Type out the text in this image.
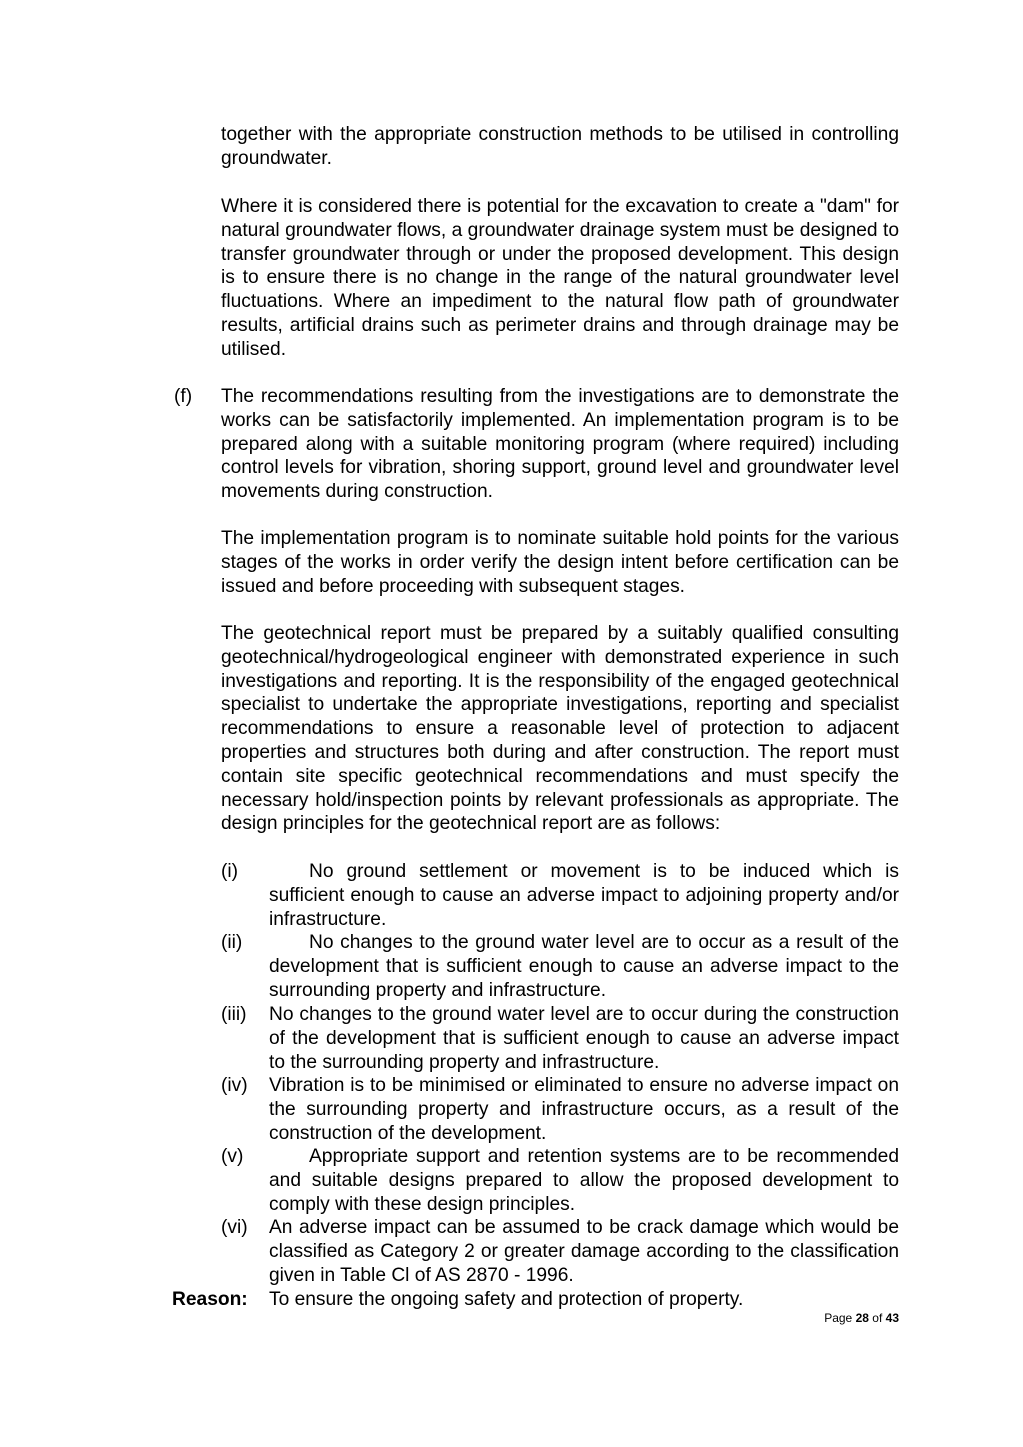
together with the appropriate construction methods to be utilised in controlling groundwater.

Where it is considered there is potential for the excavation to create a "dam" for natural groundwater flows, a groundwater drainage system must be designed to transfer groundwater through or under the proposed development. This design is to ensure there is no change in the range of the natural groundwater level fluctuations. Where an impediment to the natural flow path of groundwater results, artificial drains such as perimeter drains and through drainage may be utilised.

(f) The recommendations resulting from the investigations are to demonstrate the works can be satisfactorily implemented. An implementation program is to be prepared along with a suitable monitoring program (where required) including control levels for vibration, shoring support, ground level and groundwater level movements during construction.

The implementation program is to nominate suitable hold points for the various stages of the works in order verify the design intent before certification can be issued and before proceeding with subsequent stages.

The geotechnical report must be prepared by a suitably qualified consulting geotechnical/hydrogeological engineer with demonstrated experience in such investigations and reporting. It is the responsibility of the engaged geotechnical specialist to undertake the appropriate investigations, reporting and specialist recommendations to ensure a reasonable level of protection to adjacent properties and structures both during and after construction. The report must contain site specific geotechnical recommendations and must specify the necessary hold/inspection points by relevant professionals as appropriate. The design principles for the geotechnical report are as follows:

(i)	No ground settlement or movement is to be induced which is sufficient enough to cause an adverse impact to adjoining property and/or infrastructure.

(ii)	No changes to the ground water level are to occur as a result of the development that is sufficient enough to cause an adverse impact to the surrounding property and infrastructure.

(iii) No changes to the ground water level are to occur during the construction of the development that is sufficient enough to cause an adverse impact to the surrounding property and infrastructure.

(iv) Vibration is to be minimised or eliminated to ensure no adverse impact on the surrounding property and infrastructure occurs, as a result of the construction of the development.

(v)	Appropriate support and retention systems are to be recommended and suitable designs prepared to allow the proposed development to comply with these design principles.

(vi) An adverse impact can be assumed to be crack damage which would be classified as Category 2 or greater damage according to the classification given in Table Cl of AS 2870 - 1996.

Reason: To ensure the ongoing safety and protection of property.

Page 28 of 43
